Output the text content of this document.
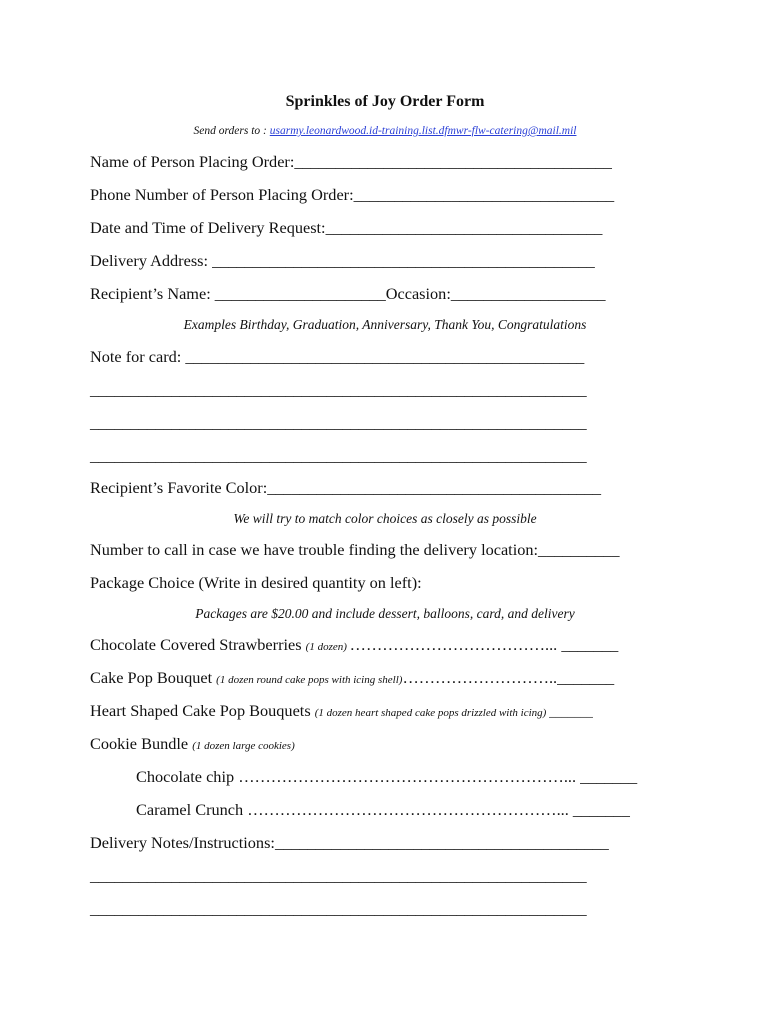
Sprinkles of Joy Order Form
Send orders to : usarmy.leonardwood.id-training.list.dfmwr-flw-catering@mail.mil
Name of Person Placing Order:_______________________________________
Phone Number of Person Placing Order:________________________________
Date and Time of Delivery Request:__________________________________
Delivery Address: _______________________________________________
Recipient’s Name: _____________________Occasion:___________________
Examples Birthday, Graduation, Anniversary, Thank You, Congratulations
Note for card: _________________________________________________
_____________________________________________________________
_____________________________________________________________
_____________________________________________________________
Recipient’s Favorite Color:_________________________________________
We will try to match color choices as closely as possible
Number to call in case we have trouble finding the delivery location:__________
Package Choice (Write in desired quantity on left):
Packages are $20.00 and include dessert, balloons, card, and delivery
Chocolate Covered Strawberries (1 dozen) ………………………………... _______
Cake Pop Bouquet (1 dozen round cake pops with icing shell)……………………….._______
Heart Shaped Cake Pop Bouquets (1 dozen heart shaped cake pops drizzled with icing) _______
Cookie Bundle (1 dozen large cookies)
Chocolate chip ……………………………………………………... _______
Caramel Crunch …………………………………………………... _______
Delivery Notes/Instructions:_________________________________________
_____________________________________________________________
_____________________________________________________________
